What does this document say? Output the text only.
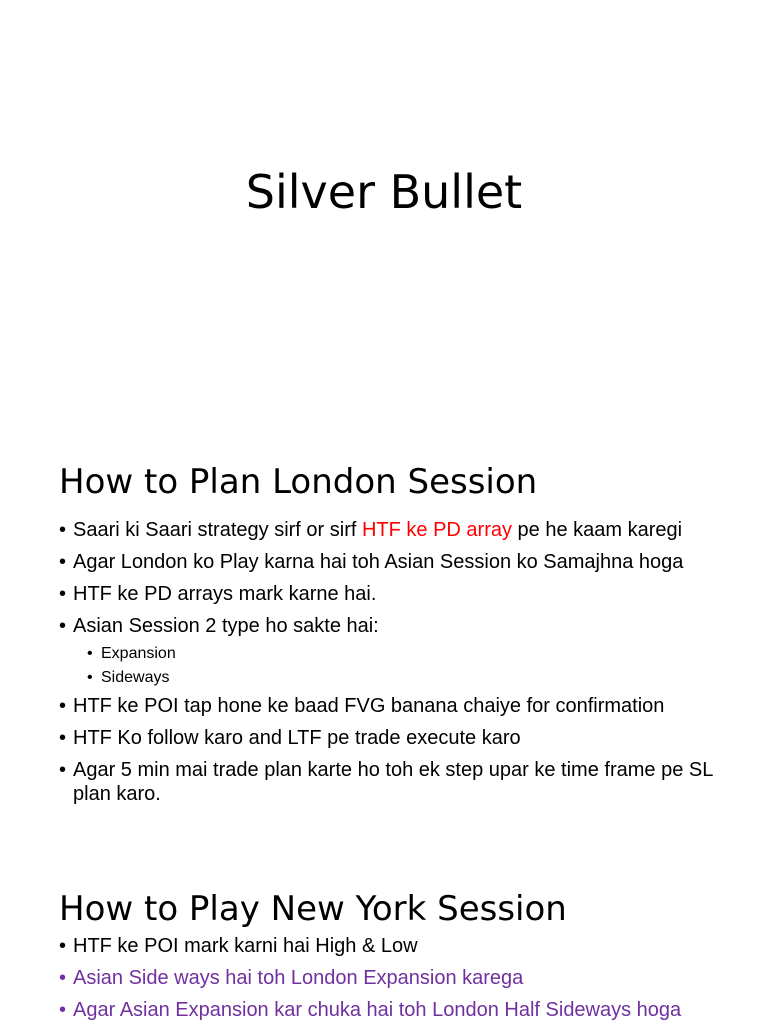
Silver Bullet
How to Plan London Session
• Saari ki Saari strategy sirf or sirf HTF ke PD array pe he kaam karegi
• Agar London ko Play karna hai toh Asian Session ko Samajhna hoga
• HTF ke PD arrays mark karne hai.
• Asian Session 2 type ho sakte hai:
• Expansion
• Sideways
• HTF ke POI tap hone ke baad FVG banana chaiye for confirmation
• HTF Ko follow karo and LTF pe trade execute karo
• Agar 5 min mai trade plan karte ho toh ek step upar ke time frame pe SL plan karo.
How to Play New York Session
• HTF ke POI mark karni hai High & Low
• Asian Side ways hai toh London Expansion karega
• Agar Asian Expansion kar chuka hai toh London Half Sideways hoga
